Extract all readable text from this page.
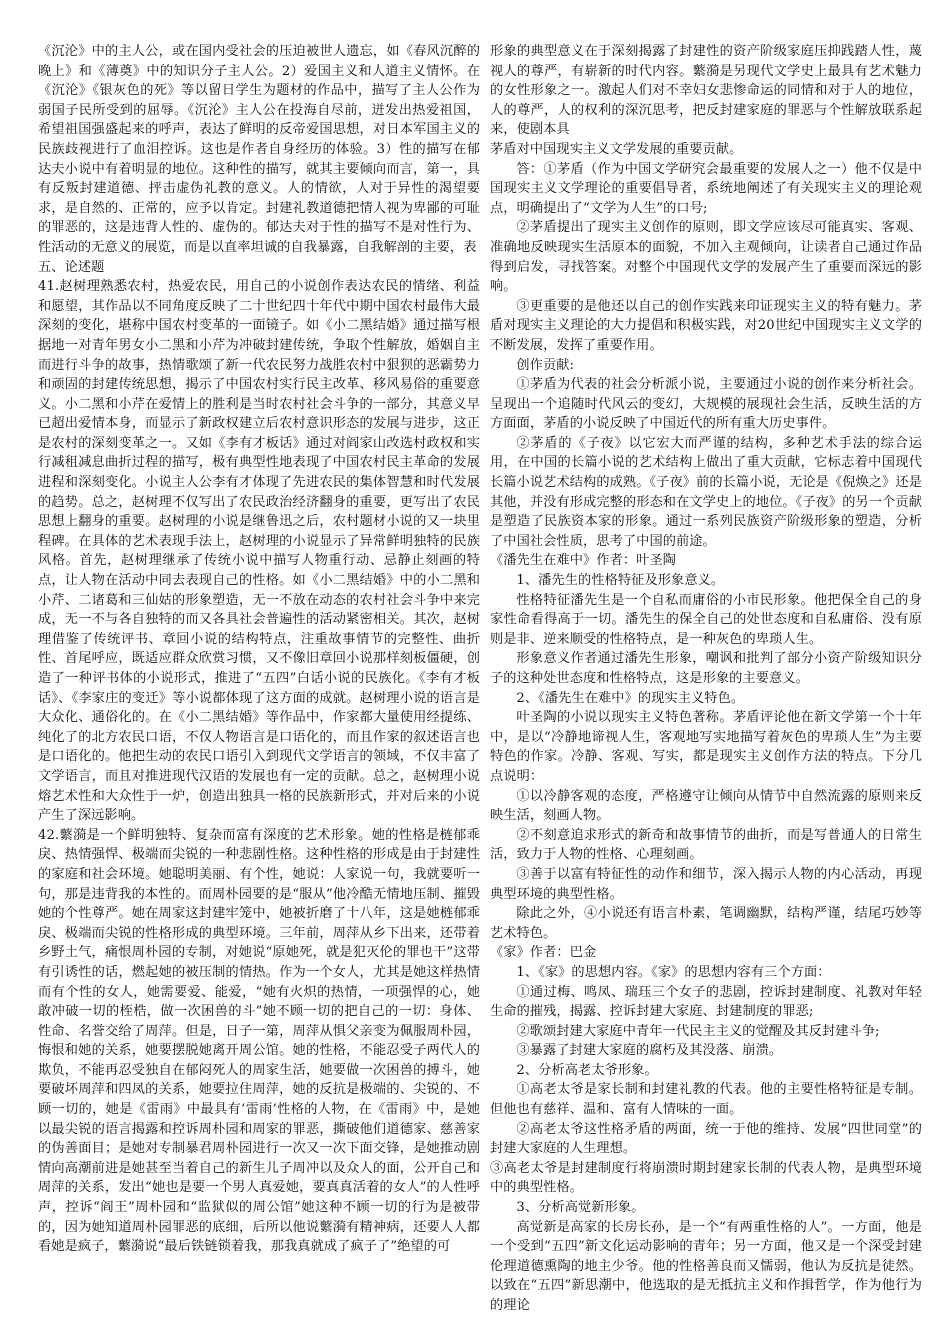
《沉沦》中的主人公，或在国内受社会的压迫被世人遗忘，如《春风沉醉的晚上》和《薄奠》中的知识分子主人公。2）爱国主义和人道主义情怀。在《沉沦》《银灰色的死》等以留日学生为题材的作品中，描写了主人公作为弱国子民所受到的屈辱。《沉沦》主人公在投海自尽前，迸发出热爱祖国，希望祖国强盛起来的呼声，表达了鲜明的反帝爱国思想，对日本军国主义的民族歧视进行了血泪控诉。这也是作者自身经历的体验。3）性的描写在郁达夫小说中有着明显的地位。这种性的描写，就其主要倾向而言，第一，具有反叛封建道德、抨击虚伪礼教的意义。人的情欲，人对于异性的渴望要求，是自然的、正常的，应予以肯定。封建礼教道德把情人视为卑鄙的可耻的罪恶的，这是违背人性的、虚伪的。郁达夫对于性的描写不是对性行为、性活动的无意义的展览，而是以直率坦诚的自我暴露，自我解剖的主要，表

五、论述题

41.赵树理熟悉农村，热爱农民，用自己的小说创作表达农民的情绪、利益和愿望，其作品以不同角度反映了二十世纪四十年代中期中国农村最伟大最深刻的变化，堪称中国农村变革的一面镜子。如《小二黑结婚》通过描写根据地一对青年男女小二黑和小芹为冲破封建传统，争取个性解放，婚姻自主而进行斗争的故事，热情歌颂了新一代农民努力战胜农村中狠狈的恶霸势力和顽固的封建传统思想，揭示了中国农村实行民主改革、移风易俗的重要意义。小二黑和小芹在爱情上的胜利是当时农村社会斗争的一部分，其意义早已超出爱情本身，而显示了新政权建立后农村意识形态的发展与进步，这正是农村的深刻变革之一。又如《李有才板话》通过对阎家山改选村政权和实行减租减息曲折过程的描写，极有典型性地表现了中国农村民主革命的发展进程和深刻变化。小说主人公李有才体现了先进农民的集体智慧和时代发展的趋势。总之，赵树理不仅写出了农民政治经济翻身的重要，更写出了农民思想上翻身的重要。赵树理的小说是继鲁迅之后，农村题材小说的又一块里程碑。在具体的艺术表现手法上，赵树理的小说显示了异常鲜明独特的民族风格。首先，赵树理继承了传统小说中描写人物重行动、忌静止刻画的特点，让人物在活动中同去表现自己的性格。如《小二黑结婚》中的小二黑和小芹、二诸葛和三仙姑的形象塑造，无一不放在动态的农村社会斗争中来完成，无一不与各自独特的而又各具社会普遍性的活动紧密相关。其次，赵树理借鉴了传统评书、章回小说的结构特点，注重故事情节的完整性、曲折性、首尾呼应，既适应群众欣赏习惯，又不像旧章回小说那样刻板僵硬，创造了一种评书体的小说形式，推进了“五四”白话小说的民族化。《李有才板话》、《李家庄的变迁》等小说都体现了这方面的成就。赵树理小说的语言是大众化、通俗化的。在《小二黑结婚》等作品中，作家都大量使用经提练、纯化了的北方农民口语，不仅人物语言是口语化的，而且作家的叙述语言也是口语化的。他把生动的农民口语引入到现代文学语言的领域，不仅丰富了文学语言，而且对推进现代汉语的发展也有一定的贡献。总之，赵树理小说熔艺术性和大众性于一炉，创造出独具一格的民族新形式，并对后来的小说产生了深远影响。

42.蘩漪是一个鲜明独特、复杂而富有深度的艺术形象。她的性格是梿郁乖戾、热情强悍、极端而尖锐的一种悲剧性格。这种性格的形成是由于封建性的家庭和社会环境。她聪明美丽、有个性，她说：人家说一句，我就要听一句，那是违背我的本性的。而周朴园要的是“服从”他冷酷无情地压制、摧毁她的个性尊严。她在周家这封建牢笼中，她被折磨了十八年，这是她梿郁乖戾、极端而尖锐的性格形成的典型环境。三年前，周萍从乡下出来，还带着乡野土气，痛恨周朴园的专制，对她说“原她死，就是犯灭伦的罪也干”这带有引诱性的话，燃起她的被压制的情热。作为一个女人，尤其是她这样热情而有个性的女人，她需要爱、能爱，“她有火炽的热情，一项强悍的心，她敢冲破一切的桎梏，做一次困兽的斗”她不顾一切的把自己的一切：身体、性命、名誉交给了周萍。但是，日子一第，周萍从惧父亲变为佩服周朴园，悔恨和她的关系，她要摆脱她离开周公馆。她的性格，不能忍受子两代人的欺负，不能再忍受独自在郁闷死人的周家生活，她要做一次困兽的搏斗，她要破坏周萍和四凤的关系，她要拉住周萍，她的反抗是极端的、尖锐的、不顾一切的，她是《雷雨》中最具有‘雷雨’性格的人物，在《雷雨》中，是她以最尖锐的语言揭露和控诉周朴园和周家的罪恶，撕破他们道德家、慈善家的伪善面目；是她对专制暴君周朴园进行一次又一次下面交锋，是她推动剧情向高潮前进是她甚至当着自己的新生儿子周冲以及众人的面，公开自己和周萍的关系，发出“她也是要一个男人真爱她，要真真活着的女人”的人性呼声，控诉“阎王”周朴园和“监狱似的周公馆”她这种不顾一切的行为是被带的，因为她知道周朴园罪恶的底细，后所以他说蘩漪有精神病，还要人人都看她是疯子，蘩漪说“最后铁链锁着我，那我真就成了疯子了”绝望的可

形象的典型意义在于深刻揭露了封建性的资产阶级家庭压抑践踏人性，蔑视人的尊严，有崭新的时代内容。蘩漪是另现代文学史上最具有艺术魅力的女性形象之一。激起人们对不幸妇女悲惨命运的同情和对于人的地位，人的尊严，人的权利的深沉思考，把反封建家庭的罪恶与个性解放联系起来，使剧本具

茅盾对中国现实主义文学发展的重要贡献。

答：①茅盾（作为中国文学研究会最重要的发展人之一）他不仅是中国现实主义文学理论的重要倡导者，系统地阐述了有关现实主义的理论观点，明确提出了“文学为人生”的口号;

②茅盾提出了现实主义创作的原则，即文学应该尽可能真实、客观、准确地反映现实生活原本的面貌，不加入主观倾向，让读者自己通过作品得到启发，寻找答案。对整个中国现代文学的发展产生了重要而深远的影响。

③更重要的是他还以自己的创作实践来印证现实主义的特有魅力。茅盾对现实主义理论的大力提倡和积极实践，对20世纪中国现实主义文学的不断发展，发挥了重要作用。

创作贡献:

①茅盾为代表的社会分析派小说，主要通过小说的创作来分析社会。呈现出一个追随时代风云的变幻，大规模的展现社会生活，反映生活的方方面面，茅盾的小说反映了中国近代的所有重大历史事件。

②茅盾的《子夜》以它宏大而严谨的结构，多种艺术手法的综合运用，在中国的长篇小说的艺术结构上做出了重大贡献，它标志着中国现代长篇小说艺术结构的成熟。《子夜》前的长篇小说，无论是《倪焕之》还是其他，并没有形成完整的形态和在文学史上的地位。《子夜》的另一个贡献是塑造了民族资本家的形象。通过一系列民族资产阶级形象的塑造，分析了中国社会性质，思考了中国的前途。

《潘先生在难中》作者：叶圣陶

1、潘先生的性格特征及形象意义。

性格特征潘先生是一个自私而庸俗的小市民形象。他把保全自己的身家性命看得高于一切。潘先生的保全自己的处世态度和自私庸俗、没有原则是非、逆来顺受的性格特点，是一种灰色的卑琐人生。

形象意义作者通过潘先生形象，嘲讽和批判了部分小资产阶级知识分子的这种处世态度和性格特点，这是形象的主要意义。

2、《潘先生在难中》的现实主义特色。

叶圣陶的小说以现实主义特色著称。茅盾评论他在新文学第一个十年中，是以“冷静地谛视人生，客观地写实地描写着灰色的卑琐人生”为主要特色的作家。冷静、客观、写实，都是现实主义创作方法的特点。下分几点说明：

①以冷静客观的态度，严格遵守让倾向从情节中自然流露的原则来反映生活，刻画人物。

②不刻意追求形式的新奇和故事情节的曲折，而是写普通人的日常生活，致力于人物的性格、心理刻画。

③善于以富有特征性的动作和细节，深入揭示人物的内心活动，再现典型环境的典型性格。

除此之外，④小说还有语言朴素，笔调幽默，结构严谨，结尾巧妙等艺术特色。

《家》作者：巴金

1、《家》的思想内容。《家》的思想内容有三个方面：

①通过梅、鸣凤、瑞珏三个女子的悲剧，控诉封建制度、礼教对年轻生命的摧残，揭露、控诉封建大家庭、封建制度的罪恶;

②歌颂封建大家庭中青年一代民主主义的觉醒及其反封建斗争;

③暴露了封建大家庭的腐朽及其没落、崩溃。

2、分析高老太爷形象。

①高老太爷是家长制和封建礼教的代表。他的主要性格特征是专制。但他也有慈祥、温和、富有人情味的一面。

②高老太爷这性格矛盾的两面，统一于他的维持、发展“四世同堂”的封建大家庭的人生理想。

③高老太爷是封建制度行将崩溃时期封建家长制的代表人物，是典型环境中的典型性格。

3、分析高觉新形象。

高觉新是高家的长房长孙，是一个“有两重性格的人”。一方面，他是一个受到“五四”新文化运动影响的青年；另一方面，他又是一个深受封建伦理道德熏陶的地主少爷。他的性格善良而又懦弱，他认为反抗是徒然。以致在“五四”新思潮中，他选取的是无抵抗主义和作揖哲学，作为他行为的理论
